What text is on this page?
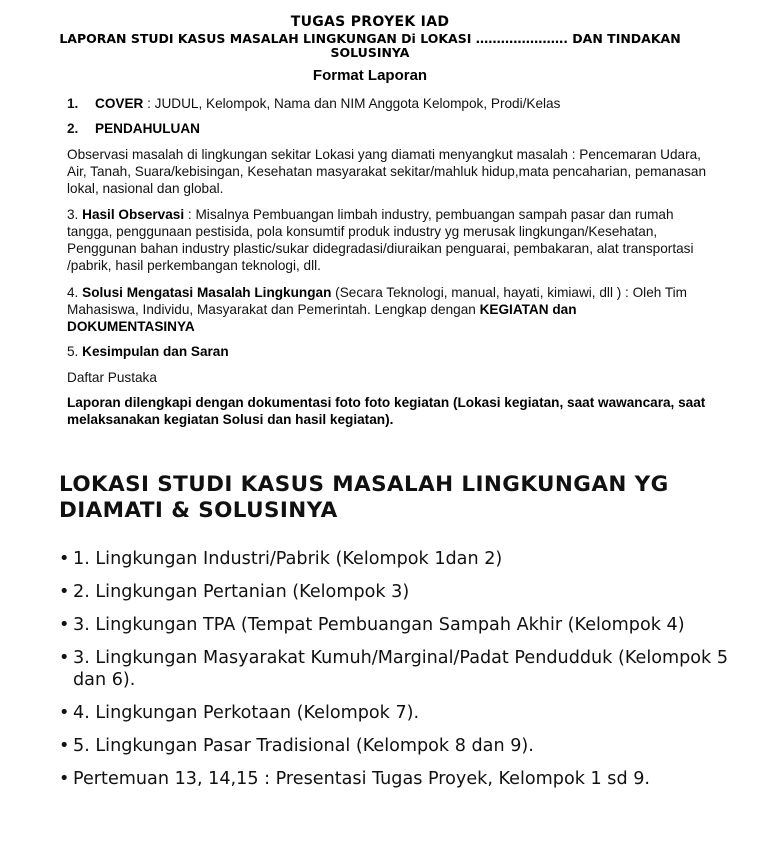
TUGAS PROYEK IAD
LAPORAN STUDI KASUS MASALAH LINGKUNGAN Di LOKASI …………………. DAN TINDAKAN SOLUSINYA
Format Laporan
1. COVER : JUDUL, Kelompok, Nama dan NIM Anggota Kelompok, Prodi/Kelas
2. PENDAHULUAN
Observasi masalah di lingkungan sekitar Lokasi yang diamati menyangkut masalah : Pencemaran Udara, Air, Tanah, Suara/kebisingan, Kesehatan masyarakat sekitar/mahluk hidup,mata pencaharian, pemanasan lokal, nasional dan global.
3. Hasil Observasi : Misalnya Pembuangan limbah industry, pembuangan sampah pasar dan rumah tangga, penggunaan pestisida, pola konsumtif produk industry yg merusak lingkungan/Kesehatan, Penggunan bahan industry plastic/sukar didegradasi/diuraikan penguarai, pembakaran, alat transportasi /pabrik, hasil perkembangan teknologi, dll.
4. Solusi Mengatasi Masalah Lingkungan (Secara Teknologi, manual, hayati, kimiawi, dll ) : Oleh Tim Mahasiswa, Individu, Masyarakat dan Pemerintah. Lengkap dengan KEGIATAN dan DOKUMENTASINYA
5. Kesimpulan dan Saran
Daftar Pustaka
Laporan dilengkapi dengan dokumentasi foto foto kegiatan (Lokasi kegiatan, saat wawancara, saat melaksanakan kegiatan Solusi dan hasil kegiatan).
LOKASI STUDI KASUS MASALAH LINGKUNGAN YG DIAMATI & SOLUSINYA
• 1. Lingkungan Industri/Pabrik (Kelompok 1dan 2)
• 2. Lingkungan Pertanian (Kelompok 3)
• 3. Lingkungan TPA (Tempat Pembuangan Sampah Akhir (Kelompok 4)
• 3. Lingkungan Masyarakat Kumuh/Marginal/Padat Pendudduk (Kelompok 5 dan 6).
• 4. Lingkungan Perkotaan (Kelompok 7).
• 5. Lingkungan Pasar Tradisional (Kelompok 8 dan 9).
• Pertemuan 13, 14,15 : Presentasi Tugas Proyek, Kelompok 1 sd 9.
